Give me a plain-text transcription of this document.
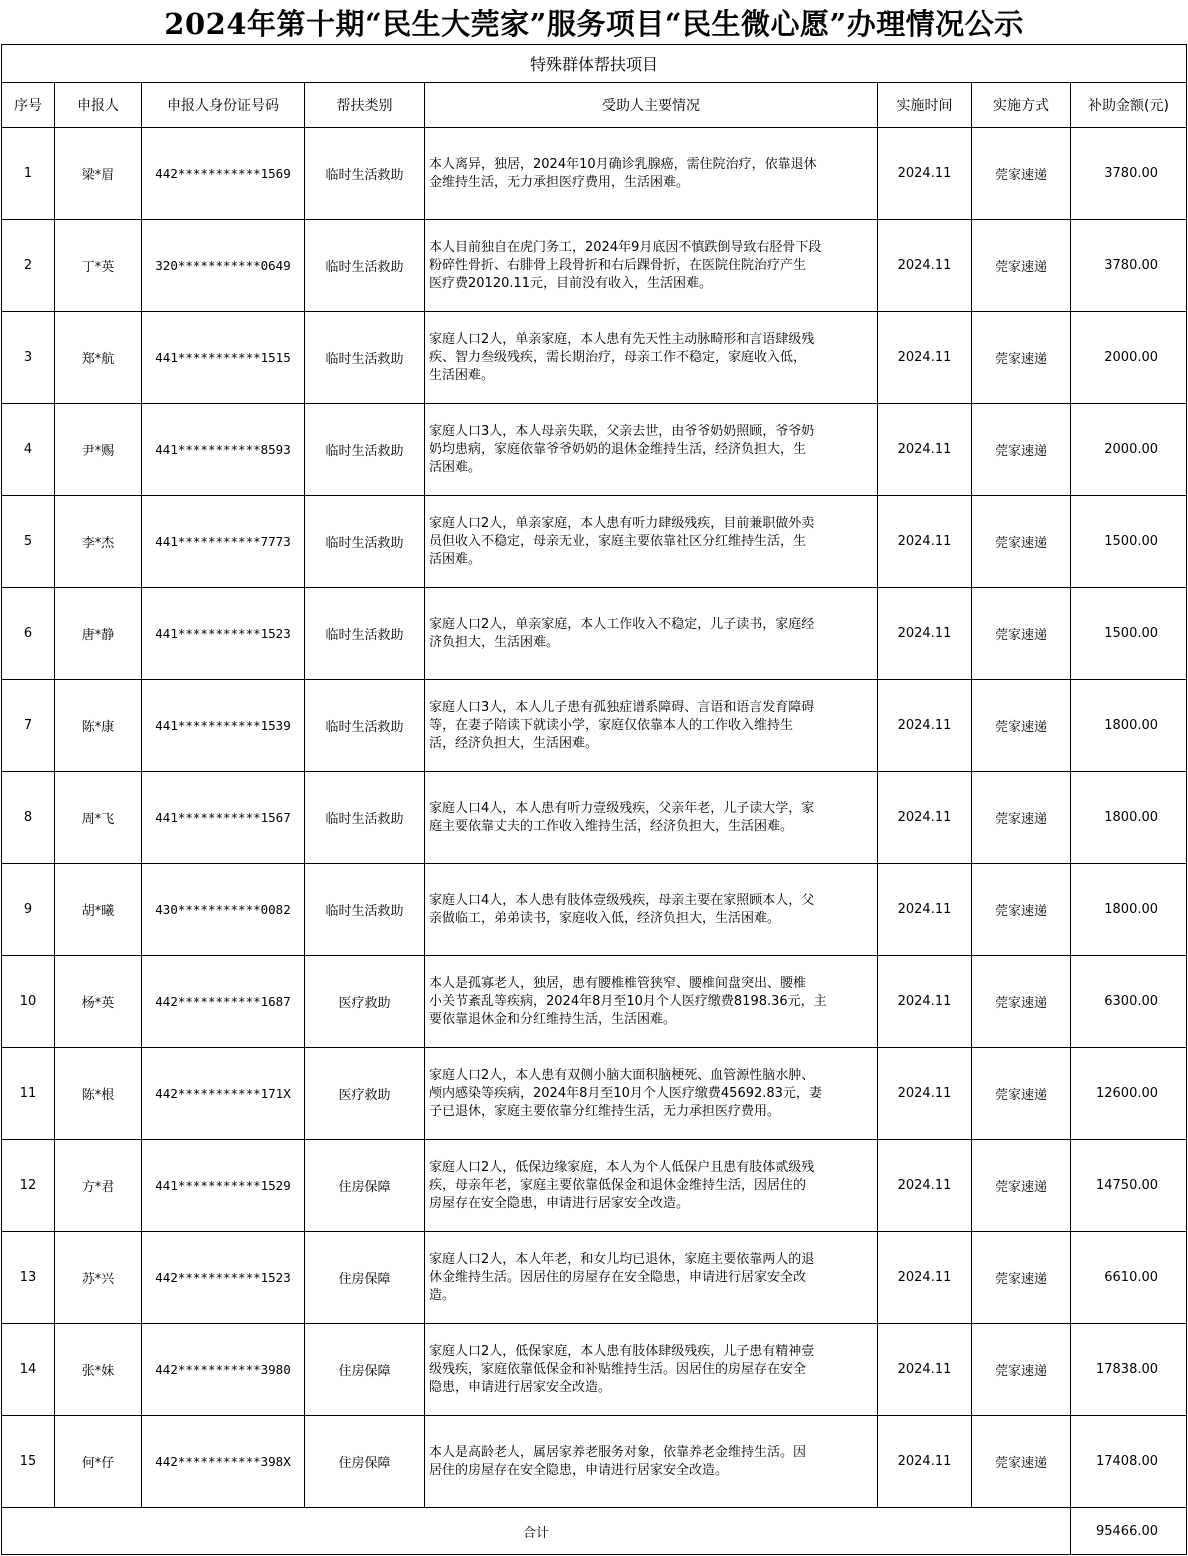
2024年第十期“民生大莞家”服务项目“民生微心愿”办理情况公示
特殊群体帮扶项目							
序号	申报人	申报人身份证号码	帮扶类别	受助人主要情况	实施时间	实施方式	补助金额(元)
1	梁*眉	442***********1569	临时生活救助	本人离异，独居，2024年10月确诊乳腺癌，需住院治疗，依靠退休
金维持生活，无力承担医疗费用，生活困难。	2024.11	莞家速递	3780.00
2	丁*英	320***********0649	临时生活救助	本人目前独自在虎门务工，2024年9月底因不慎跌倒导致右胫骨下段
粉碎性骨折、右腓骨上段骨折和右后踝骨折，在医院住院治疗产生
医疗费20120.11元，目前没有收入，生活困难。	2024.11	莞家速递	3780.00
3	郑*航	441***********1515	临时生活救助	家庭人口2人，单亲家庭，本人患有先天性主动脉畸形和言语肆级残
疾、智力叁级残疾，需长期治疗，母亲工作不稳定，家庭收入低，
生活困难。	2024.11	莞家速递	2000.00
4	尹*赐	441***********8593	临时生活救助	家庭人口3人，本人母亲失联，父亲去世，由爷爷奶奶照顾，爷爷奶
奶均患病，家庭依靠爷爷奶奶的退休金维持生活，经济负担大，生
活困难。	2024.11	莞家速递	2000.00
5	李*杰	441***********7773	临时生活救助	家庭人口2人，单亲家庭，本人患有听力肆级残疾，目前兼职做外卖
员但收入不稳定，母亲无业，家庭主要依靠社区分红维持生活，生
活困难。	2024.11	莞家速递	1500.00
6	唐*静	441***********1523	临时生活救助	家庭人口2人，单亲家庭，本人工作收入不稳定，儿子读书，家庭经
济负担大，生活困难。	2024.11	莞家速递	1500.00
7	陈*康	441***********1539	临时生活救助	家庭人口3人，本人儿子患有孤独症谱系障碍、言语和语言发育障碍
等，在妻子陪读下就读小学，家庭仅依靠本人的工作收入维持生
活，经济负担大，生活困难。	2024.11	莞家速递	1800.00
8	周*飞	441***********1567	临时生活救助	家庭人口4人，本人患有听力壹级残疾，父亲年老，儿子读大学，家
庭主要依靠丈夫的工作收入维持生活，经济负担大，生活困难。	2024.11	莞家速递	1800.00
9	胡*曦	430***********0082	临时生活救助	家庭人口4人，本人患有肢体壹级残疾，母亲主要在家照顾本人，父
亲做临工，弟弟读书，家庭收入低，经济负担大，生活困难。	2024.11	莞家速递	1800.00
10	杨*英	442***********1687	医疗救助	本人是孤寡老人，独居，患有腰椎椎管狭窄、腰椎间盘突出、腰椎
小关节紊乱等疾病，2024年8月至10月个人医疗缴费8198.36元，主
要依靠退休金和分红维持生活，生活困难。	2024.11	莞家速递	6300.00
11	陈*根	442***********171X	医疗救助	家庭人口2人，本人患有双侧小脑大面积脑梗死、血管源性脑水肿、
颅内感染等疾病，2024年8月至10月个人医疗缴费45692.83元，妻
子已退休，家庭主要依靠分红维持生活，无力承担医疗费用。	2024.11	莞家速递	12600.00
12	方*君	441***********1529	住房保障	家庭人口2人，低保边缘家庭，本人为个人低保户且患有肢体贰级残
疾，母亲年老，家庭主要依靠低保金和退休金维持生活，因居住的
房屋存在安全隐患，申请进行居家安全改造。	2024.11	莞家速递	14750.00
13	苏*兴	442***********1523	住房保障	家庭人口2人，本人年老，和女儿均已退休，家庭主要依靠两人的退
休金维持生活。因居住的房屋存在安全隐患，申请进行居家安全改
造。	2024.11	莞家速递	6610.00
14	张*妹	442***********3980	住房保障	家庭人口2人，低保家庭，本人患有肢体肆级残疾，儿子患有精神壹
级残疾，家庭依靠低保金和补贴维持生活。因居住的房屋存在安全
隐患，申请进行居家安全改造。	2024.11	莞家速递	17838.00
15	何*仔	442***********398X	住房保障	本人是高龄老人，属居家养老服务对象，依靠养老金维持生活。因
居住的房屋存在安全隐患，申请进行居家安全改造。	2024.11	莞家速递	17408.00
合计							95466.00
